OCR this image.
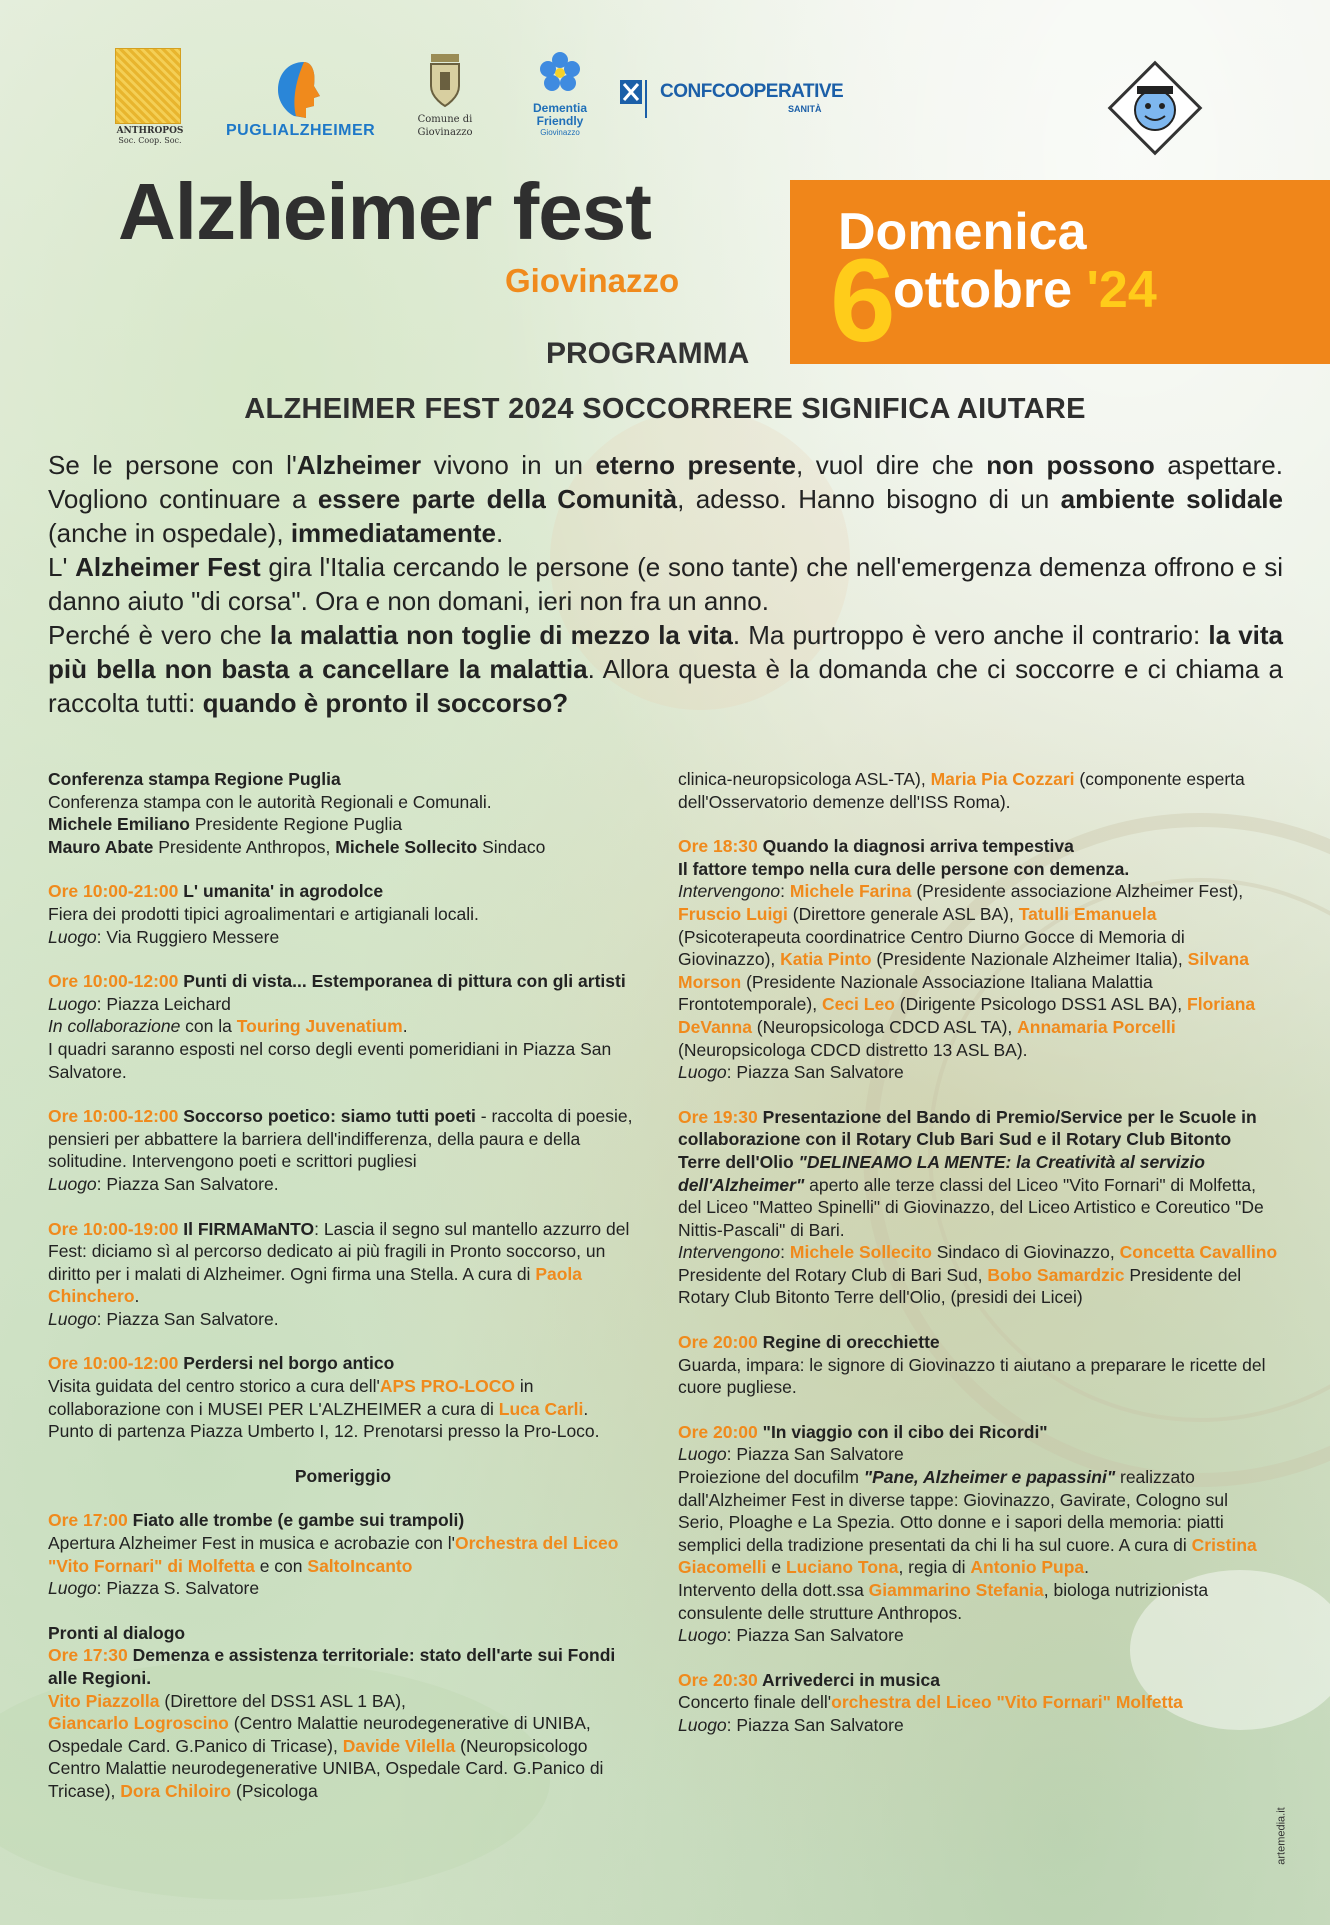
ANTHROPOS
Soc. Coop. Soc.
PUGLIALZHEIMER
Comune di
Giovinazzo
Dementia
Friendly
Giovinazzo
CONFCOOPERATIVE
SANITÀ
Alzheimer fest
Giovinazzo
Domenica
6
ottobre '24
PROGRAMMA
ALZHEIMER FEST 2024 SOCCORRERE SIGNIFICA AIUTARE

Se le persone con l'Alzheimer vivono in un eterno presente, vuol dire che non possono aspettare. Vogliono continuare a essere parte della Comunità, adesso. Hanno bisogno di un ambiente solidale (anche in ospedale), immediatamente.

L' Alzheimer Fest gira l'Italia cercando le persone (e sono tante) che nell'emergenza demenza offrono e si danno aiuto "di corsa". Ora e non domani, ieri non fra un anno.

Perché è vero che la malattia non toglie di mezzo la vita. Ma purtroppo è vero anche il contrario: la vita più bella non basta a cancellare la malattia. Allora questa è la domanda che ci soccorre e ci chiama a raccolta tutti: quando è pronto il soccorso?

Conferenza stampa Regione Puglia

Conferenza stampa con le autorità Regionali e Comunali.

Michele Emiliano Presidente Regione Puglia

Mauro Abate Presidente Anthropos, Michele Sollecito Sindaco

Ore 10:00-21:00 L' umanita' in agrodolce

Fiera dei prodotti tipici agroalimentari e artigianali locali.

Luogo: Via Ruggiero Messere

Ore 10:00-12:00 Punti di vista... Estemporanea di pittura con gli artisti

Luogo: Piazza Leichard

In collaborazione con la Touring Juvenatium.

I quadri saranno esposti nel corso degli eventi pomeridiani in Piazza San Salvatore.

Ore 10:00-12:00 Soccorso poetico: siamo tutti poeti - raccolta di poesie, pensieri per abbattere la barriera dell'indifferenza, della paura e della solitudine. Intervengono poeti e scrittori pugliesi

Luogo: Piazza San Salvatore.

Ore 10:00-19:00 Il FIRMAMaNTO: Lascia il segno sul mantello azzurro del Fest: diciamo sì al percorso dedicato ai più fragili in Pronto soccorso, un diritto per i malati di Alzheimer. Ogni firma una Stella. A cura di Paola Chinchero.

Luogo: Piazza San Salvatore.

Ore 10:00-12:00 Perdersi nel borgo antico

Visita guidata del centro storico a cura dell'APS PRO-LOCO in collaborazione con i MUSEI PER L'ALZHEIMER a cura di Luca Carli. Punto di partenza Piazza Umberto I, 12. Prenotarsi presso la Pro-Loco.

Pomeriggio

Ore 17:00 Fiato alle trombe (e gambe sui trampoli)

Apertura Alzheimer Fest in musica e acrobazie con l'Orchestra del Liceo "Vito Fornari" di Molfetta e con SaltoIncanto

Luogo: Piazza S. Salvatore

Pronti al dialogo

Ore 17:30 Demenza e assistenza territoriale: stato dell'arte sui Fondi alle Regioni.

Vito Piazzolla (Direttore del DSS1 ASL 1 BA),

Giancarlo Logroscino (Centro Malattie neurodegenerative di UNIBA, Ospedale Card. G.Panico di Tricase), Davide Vilella (Neuropsicologo Centro Malattie neurodegenerative UNIBA, Ospedale Card. G.Panico di Tricase), Dora Chiloiro (Psicologa

clinica-neuropsicologa ASL-TA), Maria Pia Cozzari (componente esperta dell'Osservatorio demenze dell'ISS Roma).

Ore 18:30 Quando la diagnosi arriva tempestiva

Il fattore tempo nella cura delle persone con demenza.

Intervengono: Michele Farina (Presidente associazione Alzheimer Fest), Fruscio Luigi (Direttore generale ASL BA), Tatulli Emanuela (Psicoterapeuta coordinatrice Centro Diurno Gocce di Memoria di Giovinazzo), Katia Pinto (Presidente Nazionale Alzheimer Italia), Silvana Morson (Presidente Nazionale Associazione Italiana Malattia Frontotemporale), Ceci Leo (Dirigente Psicologo DSS1 ASL BA), Floriana DeVanna (Neuropsicologa CDCD ASL TA), Annamaria Porcelli (Neuropsicologa CDCD distretto 13 ASL BA).

Luogo: Piazza San Salvatore

Ore 19:30 Presentazione del Bando di Premio/Service per le Scuole in collaborazione con il Rotary Club Bari Sud e il Rotary Club Bitonto Terre dell'Olio "DELINEAMO LA MENTE: la Creatività al servizio dell'Alzheimer" aperto alle terze classi del Liceo "Vito Fornari" di Molfetta, del Liceo "Matteo Spinelli" di Giovinazzo, del Liceo Artistico e Coreutico "De Nittis-Pascali" di Bari.

Intervengono: Michele Sollecito Sindaco di Giovinazzo, Concetta Cavallino Presidente del Rotary Club di Bari Sud, Bobo Samardzic Presidente del Rotary Club Bitonto Terre dell'Olio, (presidi dei Licei)

Ore 20:00 Regine di orecchiette

Guarda, impara: le signore di Giovinazzo ti aiutano a preparare le ricette del cuore pugliese.

Ore 20:00 "In viaggio con il cibo dei Ricordi"

Luogo: Piazza San Salvatore

Proiezione del docufilm "Pane, Alzheimer e papassini" realizzato dall'Alzheimer Fest in diverse tappe: Giovinazzo, Gavirate, Cologno sul Serio, Ploaghe e La Spezia. Otto donne e i sapori della memoria: piatti semplici della tradizione presentati da chi li ha sul cuore. A cura di Cristina Giacomelli e Luciano Tona, regia di Antonio Pupa.

Intervento della dott.ssa Giammarino Stefania, biologa nutrizionista consulente delle strutture Anthropos.

Luogo: Piazza San Salvatore

Ore 20:30 Arrivederci in musica

Concerto finale dell'orchestra del Liceo "Vito Fornari" Molfetta

Luogo: Piazza San Salvatore

artemedia.it
